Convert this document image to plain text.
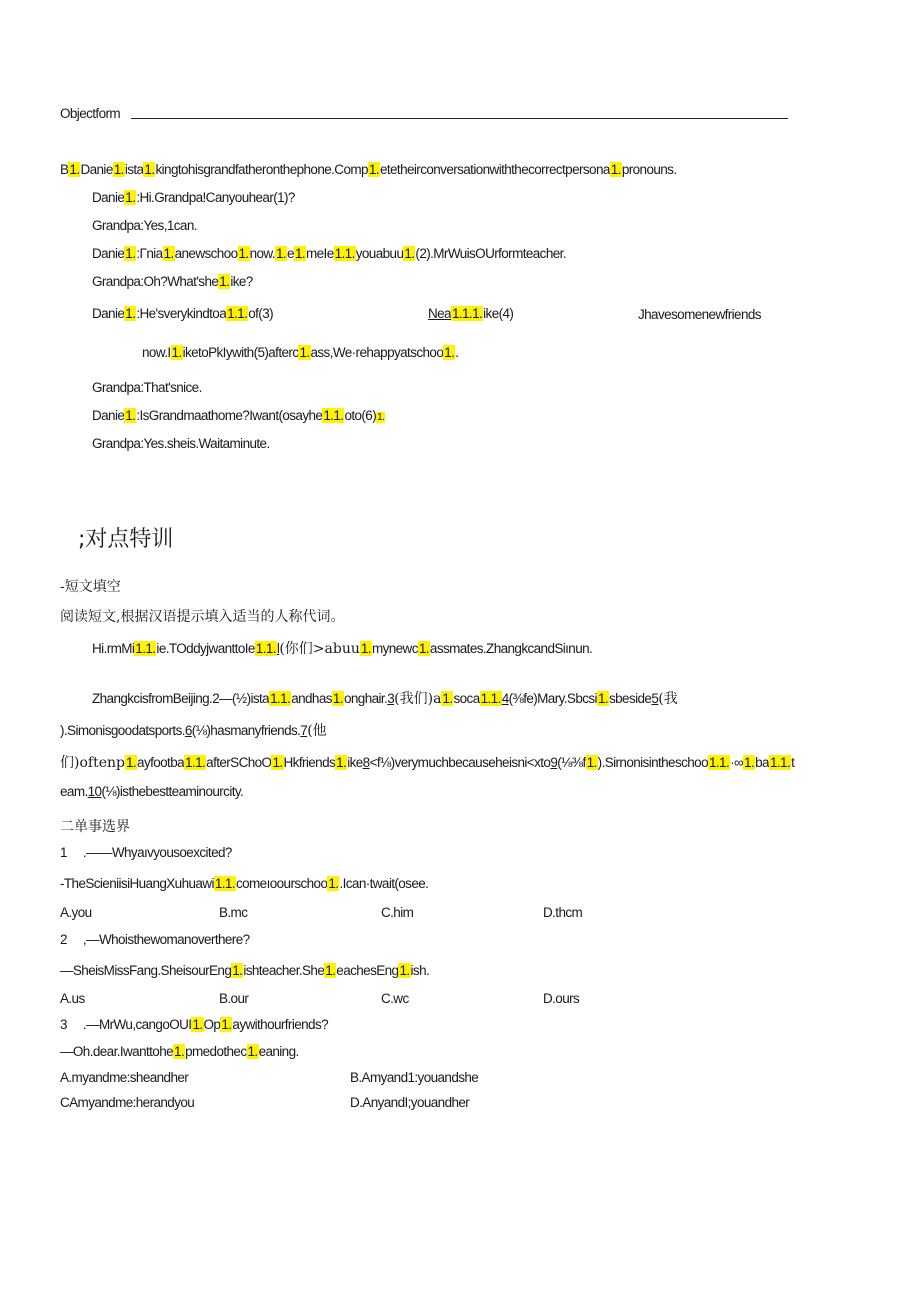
Objectform
B1.Danie1.ista1.kingtohisgrandfatheronthephone.Comp1.etetheirconversationwiththecorrectpersona1.pronouns.
Danie1.:Hi.Grandpa!Canyouhear(1)?
Grandpa:Yes,1can.
Danie1.:Γnia1.anewschoo1.now.1.e1.meIe1.1.youabuu1.(2).MrWuisOUrformteacher.
Grandpa:Oh?What'she1.ike?
Danie1.:He'sverykindtoa1.1.of(3)	Nea1.1.1.ike(4)	Jhavesomenewfriends
now.I1.iketoPkIywith(5)afterc1.ass,We·rehappyatschoo1..
Grandpa:That'snice.
Danie1.:IsGrandmaathome?Iwant(osayhe1.1.oto(6)1.
Grandpa:Yes.sheis.Waitaminute.
;对点特训
-短文填空
阅读短文,根据汉语提示填入适当的人称代词。
Hi.rmMi1.1.ie.TOddyjwanttoIe1.1.l(你们>abuu1.mynewc1.assmates.ZhangkcandSiınun.
ZhangkcisfromBeijing.2—(½)ista1.1.andhas1.onghair.3(我们)a1.soca1.1.4(⅜fe)Mary.Sbcsi1.sbeside5(我
).Simonisgoodatsports.6(⅛)hasmanyfriends.7(他
们)oftenp1.ayfootba1.1.afterSChoO1.Hkfriends1.ike8<f⅛)verymuchbecauseheisni<xto9(⅛⅜f1.).Sirnonisintheschoo1.1.·∞1.ba1.1.t
eam.10(⅛)isthebestteaminourcity.
二单事选界
1 .——Whyaıvyousoexcited?
-TheScieniisiHuangXuhuawi1.1.comeıoourschoo1..Ican·twait(osee.
A.you	B.mc	C.him	D.thcm
2 ,—Whoisthewomanoverthere?
—SheisMissFang.SheisourEng1.ishteacher.She1.eachesEng1.ish.
A.us	B.our	C.wc	D.ours
3 .—MrWu,cangoOUI1.Op1.aywithourfriends?
—Oh.dear.Iwanttohe1.pmedothec1.eaning.
A.myandme:sheandher	B.Amyand1:youandshe
CAmyandme:herandyou	D.AnyandI;youandher
